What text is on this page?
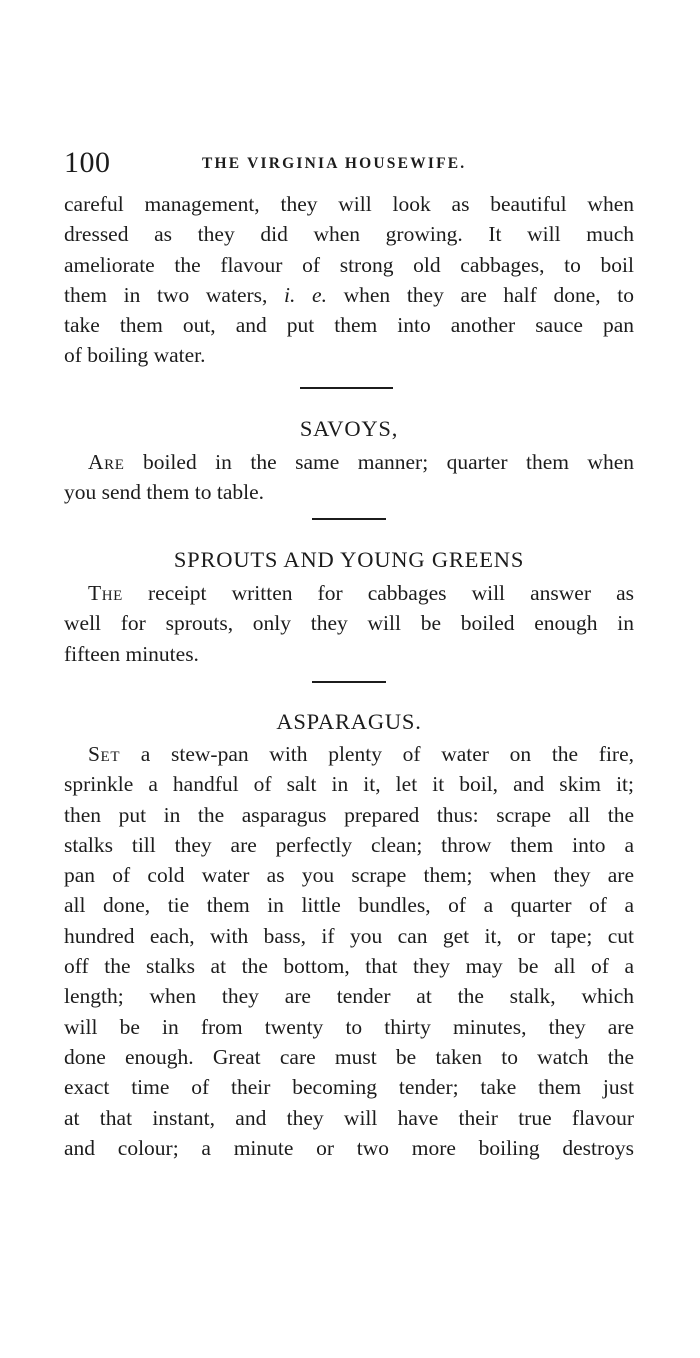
100	THE VIRGINIA HOUSEWIFE.
careful management, they will look as beautiful when
dressed as they did when growing. It will much
ameliorate the flavour of strong old cabbages, to boil
them in two waters, i. e. when they are half done, to
take them out, and put them into another sauce pan
of boiling water.
SAVOYS,
Are boiled in the same manner; quarter them when
you send them to table.
SPROUTS AND YOUNG GREENS
The receipt written for cabbages will answer as
well for sprouts, only they will be boiled enough in
fifteen minutes.
ASPARAGUS.
Set a stew-pan with plenty of water on the fire,
sprinkle a handful of salt in it, let it boil, and skim it;
then put in the asparagus prepared thus: scrape all the
stalks till they are perfectly clean; throw them into a
pan of cold water as you scrape them; when they are
all done, tie them in little bundles, of a quarter of a
hundred each, with bass, if you can get it, or tape; cut
off the stalks at the bottom, that they may be all of a
length; when they are tender at the stalk, which
will be in from twenty to thirty minutes, they are
done enough. Great care must be taken to watch the
exact time of their becoming tender; take them just
at that instant, and they will have their true flavour
and colour; a minute or two more boiling destroys
